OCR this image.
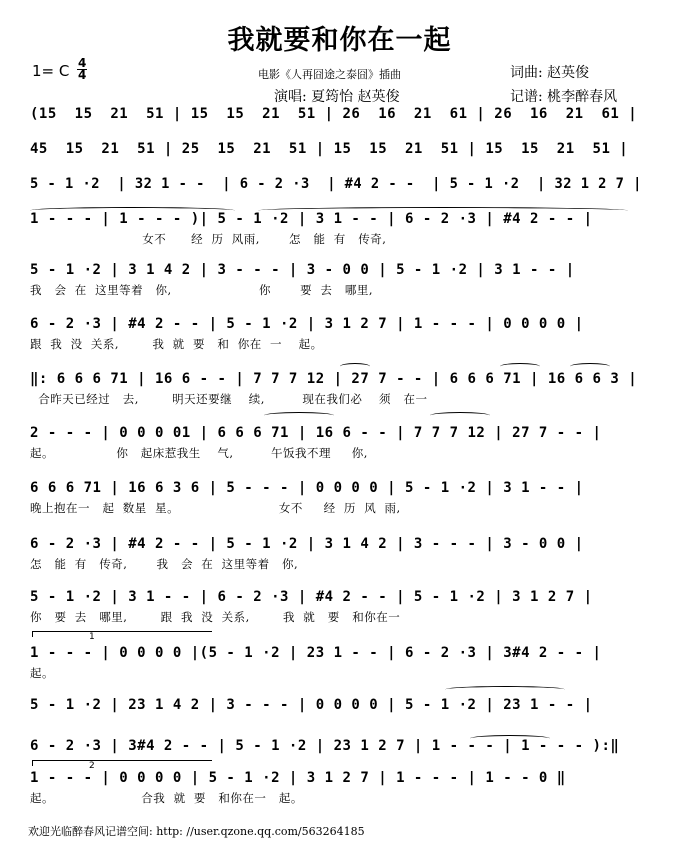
我就要和你在一起
1= C 4
4	电影《人再囧途之泰囧》插曲	词曲: 赵英俊
演唱: 夏筠怡 赵英俊	记谱: 桃李醉春风
(15  15  21  51 | 15  15  21  51 | 26  16  21  61 | 26  16  21  61 |
45  15  21  51 | 25  15  21  51 | 15  15  21  51 | 15  15  21  51 |
5 - 1 ·2  | 32 1 - -  | 6 - 2 ·3  | #4 2 - -  | 5 - 1 ·2  | 32 1 2 7 |
1 - - - | 1 - - - )| 5 - 1 ·2 | 3 1 - - | 6 - 2 ·3 | #4 2 - - |
女不      经  历  风雨,       怎   能  有   传奇,
5 - 1 ·2 | 3 1 4 2 | 3 - - - | 3 - 0 0 | 5 - 1 ·2 | 3 1 - - |
我   会  在  这里等着   你,                     你       要  去   哪里,
6 - 2 ·3 | #4 2 - - | 5 - 1 ·2 | 3 1 2 7 | 1 - - - | 0 0 0 0 |
跟  我  没  关系,        我  就  要   和  你在  一    起。
‖: 6 6 6 71 | 16 6 - - | 7 7 7 12 | 27 7 - - | 6 6 6 71 | 16 6 6 3 |
合昨天已经过   去,        明天还要继    续,         现在我们必    须   在一
2 - - - | 0 0 0 01 | 6 6 6 71 | 16 6 - - | 7 7 7 12 | 27 7 - - |
起。               你   起床惹我生    气,         午饭我不理     你,
6 6 6 71 | 16 6 3 6 | 5 - - - | 0 0 0 0 | 5 - 1 ·2 | 3 1 - - |
晚上抱在一   起  数星  星。                        女不     经  历  风  雨,
6 - 2 ·3 | #4 2 - - | 5 - 1 ·2 | 3 1 4 2 | 3 - - - | 3 - 0 0 |
怎   能  有   传奇,       我   会  在  这里等着   你,
5 - 1 ·2 | 3 1 - - | 6 - 2 ·3 | #4 2 - - | 5 - 1 ·2 | 3 1 2 7 |
你   要  去   哪里,        跟  我  没  关系,        我  就   要   和你在一
1 - - - | 0 0 0 0 |(5 - 1 ·2 | 23 1 - - | 6 - 2 ·3 | 3#4 2 - - |
起。
5 - 1 ·2 | 23 1 4 2 | 3 - - - | 0 0 0 0 | 5 - 1 ·2 | 23 1 - - |
6 - 2 ·3 | 3#4 2 - - | 5 - 1 ·2 | 23 1 2 7 | 1 - - - | 1 - - - ):‖
1 - - - | 0 0 0 0 | 5 - 1 ·2 | 3 1 2 7 | 1 - - - | 1 - - 0 ‖
起。                     合我  就  要   和你在一   起。
1
2
欢迎光临醉春风记谱空间: http: //user.qzone.qq.com/563264185
